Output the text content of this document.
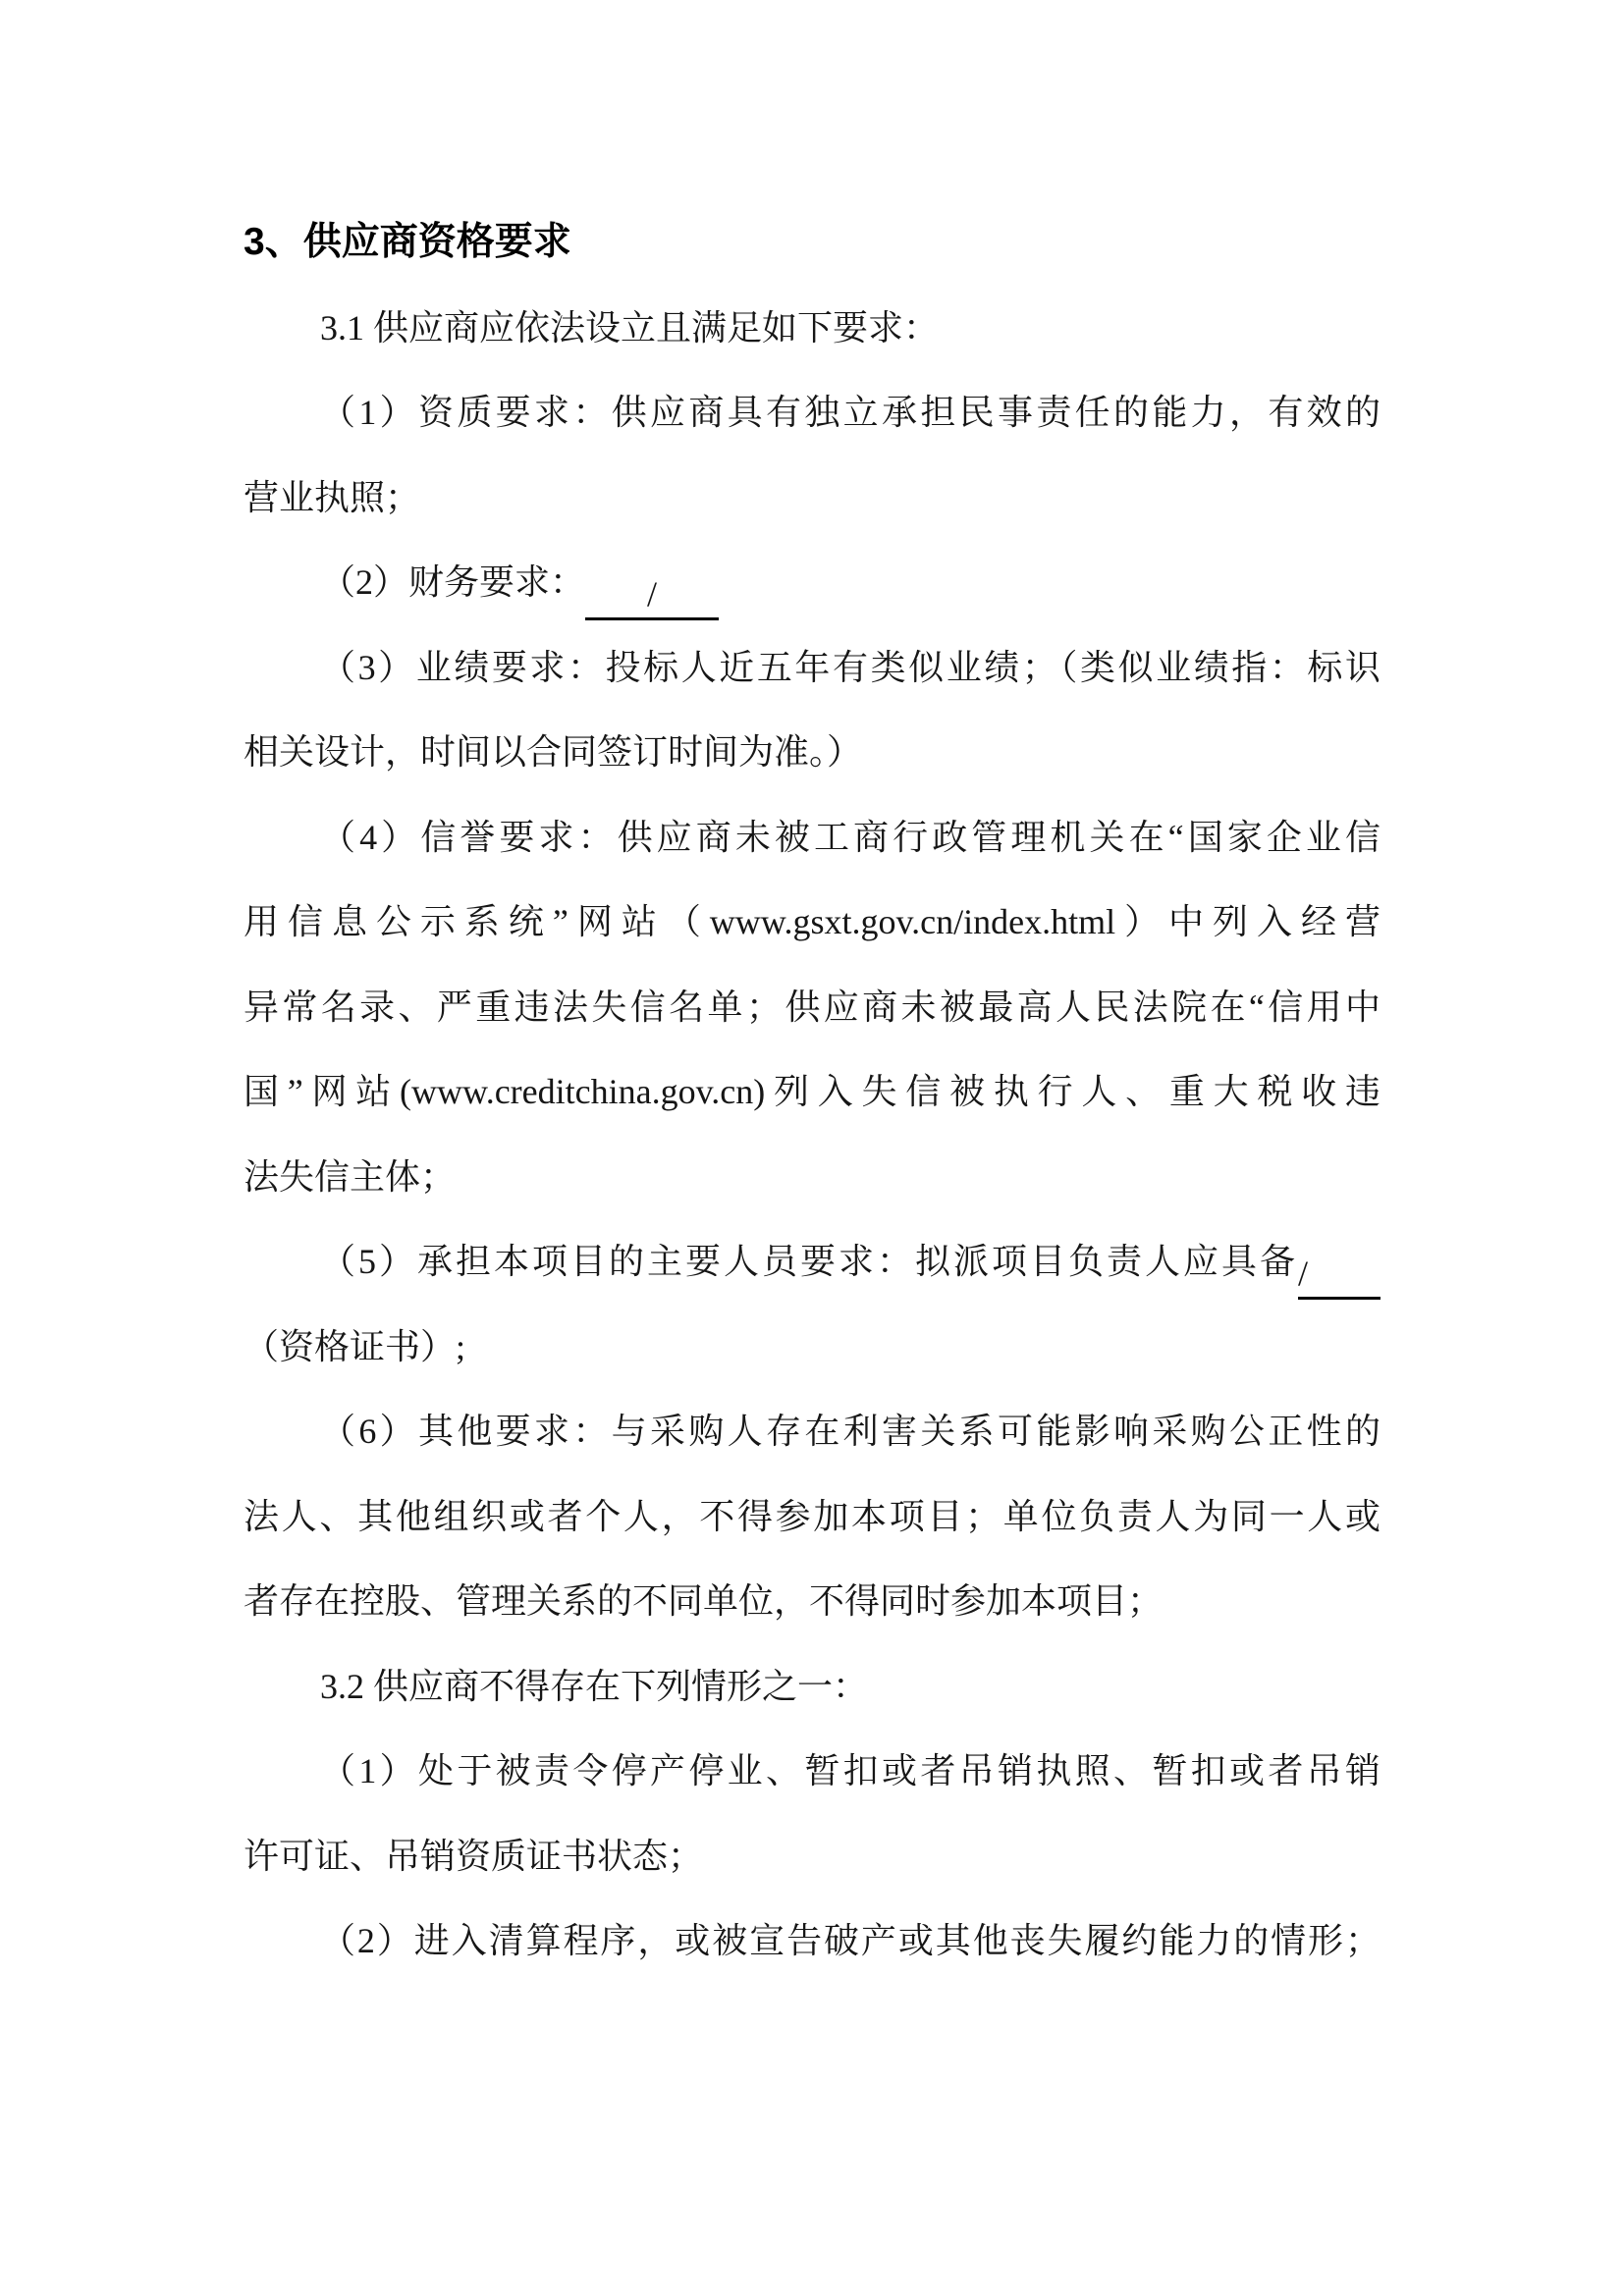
3、供应商资格要求
3.1 供应商应依法设立且满足如下要求：
（1）资质要求：供应商具有独立承担民事责任的能力，有效的
营业执照；
（2）财务要求： /
（3）业绩要求：投标人近五年有类似业绩；（类似业绩指：标识
相关设计，时间以合同签订时间为准。）
（4）信誉要求：供应商未被工商行政管理机关在“国家企业信
用信息公示系统”网站（www.gsxt.gov.cn/index.html）中列入经营
异常名录、严重违法失信名单；供应商未被最高人民法院在“信用中
国”网站(www.creditchina.gov.cn)列入失信被执行人、重大税收违
法失信主体；
（5）承担本项目的主要人员要求：拟派项目负责人应具备/
（资格证书）;
（6）其他要求：与采购人存在利害关系可能影响采购公正性的
法人、其他组织或者个人，不得参加本项目；单位负责人为同一人或
者存在控股、管理关系的不同单位，不得同时参加本项目；
3.2 供应商不得存在下列情形之一：
（1）处于被责令停产停业、暂扣或者吊销执照、暂扣或者吊销
许可证、吊销资质证书状态；
（2）进入清算程序，或被宣告破产或其他丧失履约能力的情形；
